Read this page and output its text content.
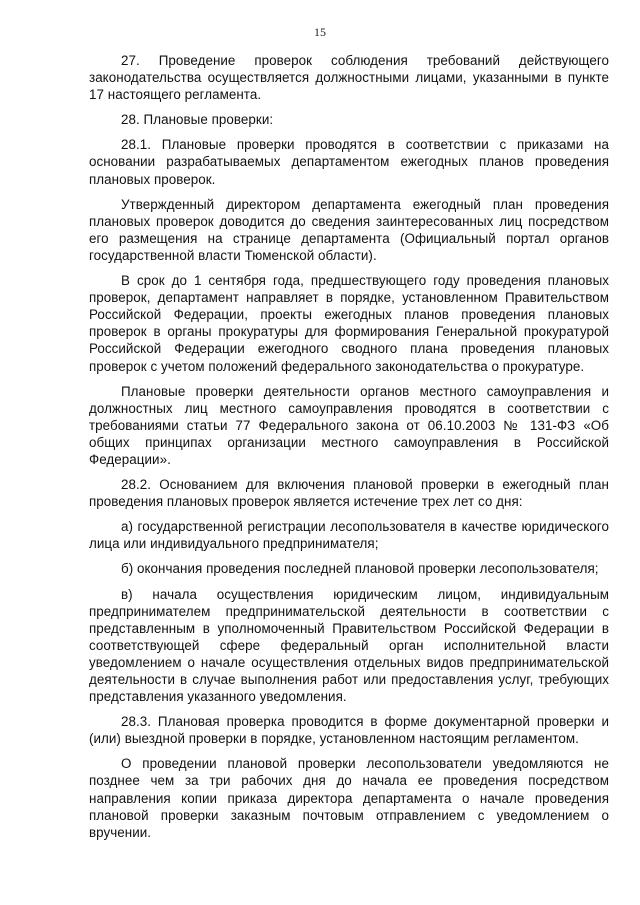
15

27. Проведение проверок соблюдения требований действующего законодательства осуществляется должностными лицами, указанными в пункте 17 настоящего регламента.

28. Плановые проверки:

28.1. Плановые проверки проводятся в соответствии с приказами на основании разрабатываемых департаментом ежегодных планов проведения плановых проверок.

Утвержденный директором департамента ежегодный план проведения плановых проверок доводится до сведения заинтересованных лиц посредством его размещения на странице департамента (Официальный портал органов государственной власти Тюменской области).

В срок до 1 сентября года, предшествующего году проведения плановых проверок, департамент направляет в порядке, установленном Правительством Российской Федерации, проекты ежегодных планов проведения плановых проверок в органы прокуратуры для формирования Генеральной прокуратурой Российской Федерации ежегодного сводного плана проведения плановых проверок с учетом положений федерального законодательства о прокуратуре.

Плановые проверки деятельности органов местного самоуправления и должностных лиц местного самоуправления проводятся в соответствии с требованиями статьи 77 Федерального закона от 06.10.2003 № 131-ФЗ «Об общих принципах организации местного самоуправления в Российской Федерации».

28.2. Основанием для включения плановой проверки в ежегодный план проведения плановых проверок является истечение трех лет со дня:

а) государственной регистрации лесопользователя в качестве юридического лица или индивидуального предпринимателя;

б) окончания проведения последней плановой проверки лесопользователя;

в) начала осуществления юридическим лицом, индивидуальным предпринимателем предпринимательской деятельности в соответствии с представленным в уполномоченный Правительством Российской Федерации в соответствующей сфере федеральный орган исполнительной власти уведомлением о начале осуществления отдельных видов предпринимательской деятельности в случае выполнения работ или предоставления услуг, требующих представления указанного уведомления.

28.3. Плановая проверка проводится в форме документарной проверки и (или) выездной проверки в порядке, установленном настоящим регламентом.

О проведении плановой проверки лесопользователи уведомляются не позднее чем за три рабочих дня до начала ее проведения посредством направления копии приказа директора департамента о начале проведения плановой проверки заказным почтовым отправлением с уведомлением о вручении.
